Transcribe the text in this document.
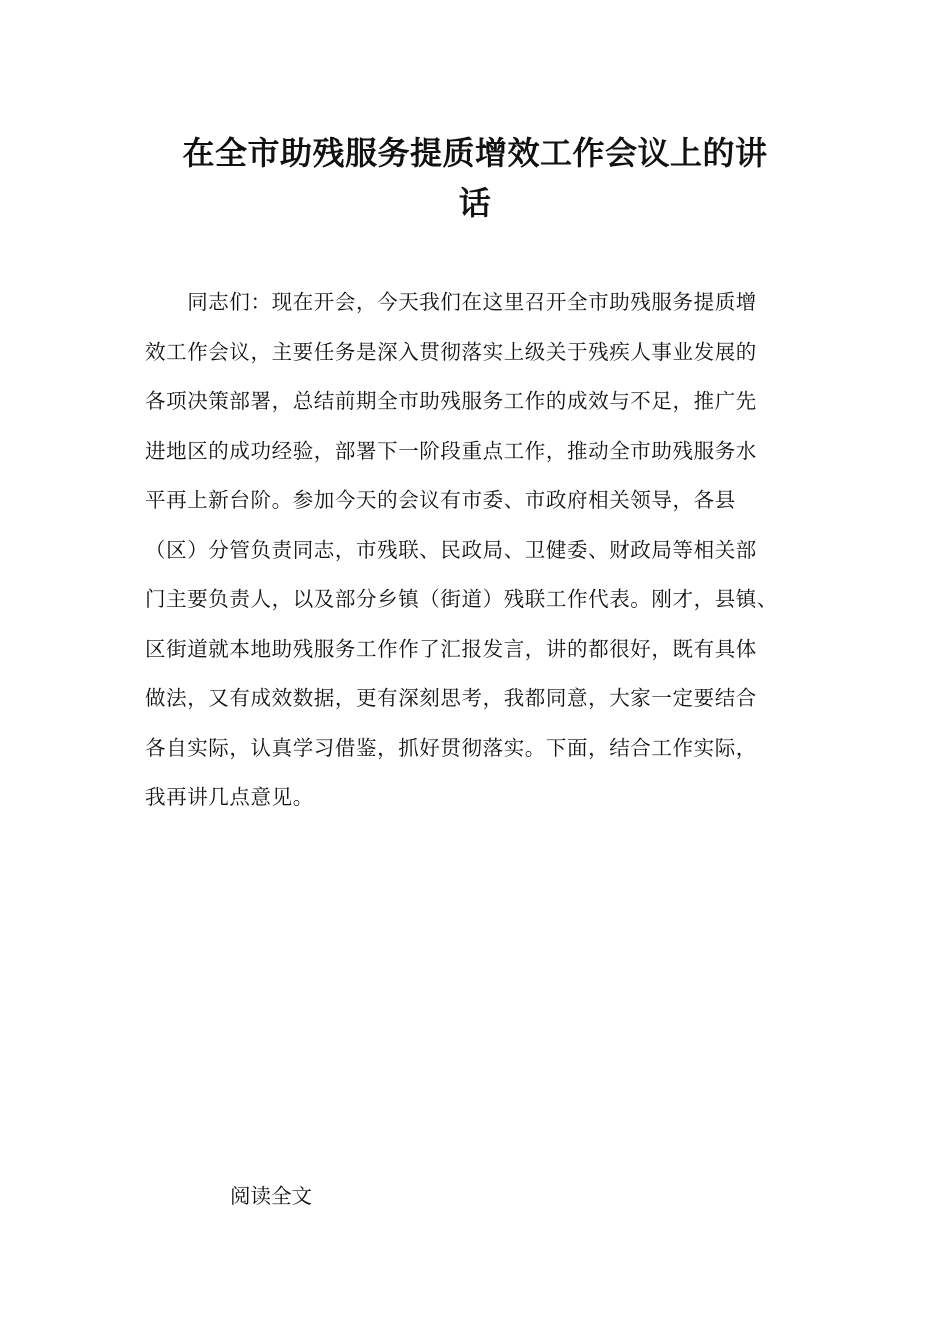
在全市助残服务提质增效工作会议上的讲
话
　　同志们：现在开会，今天我们在这里召开全市助残服务提质增
效工作会议，主要任务是深入贯彻落实上级关于残疾人事业发展的
各项决策部署，总结前期全市助残服务工作的成效与不足，推广先
进地区的成功经验，部署下一阶段重点工作，推动全市助残服务水
平再上新台阶。参加今天的会议有市委、市政府相关领导，各县
（区）分管负责同志，市残联、民政局、卫健委、财政局等相关部
门主要负责人，以及部分乡镇（街道）残联工作代表。刚才，县镇、
区街道就本地助残服务工作作了汇报发言，讲的都很好，既有具体
做法，又有成效数据，更有深刻思考，我都同意，大家一定要结合
各自实际，认真学习借鉴，抓好贯彻落实。下面，结合工作实际，
我再讲几点意见。
阅读全文
